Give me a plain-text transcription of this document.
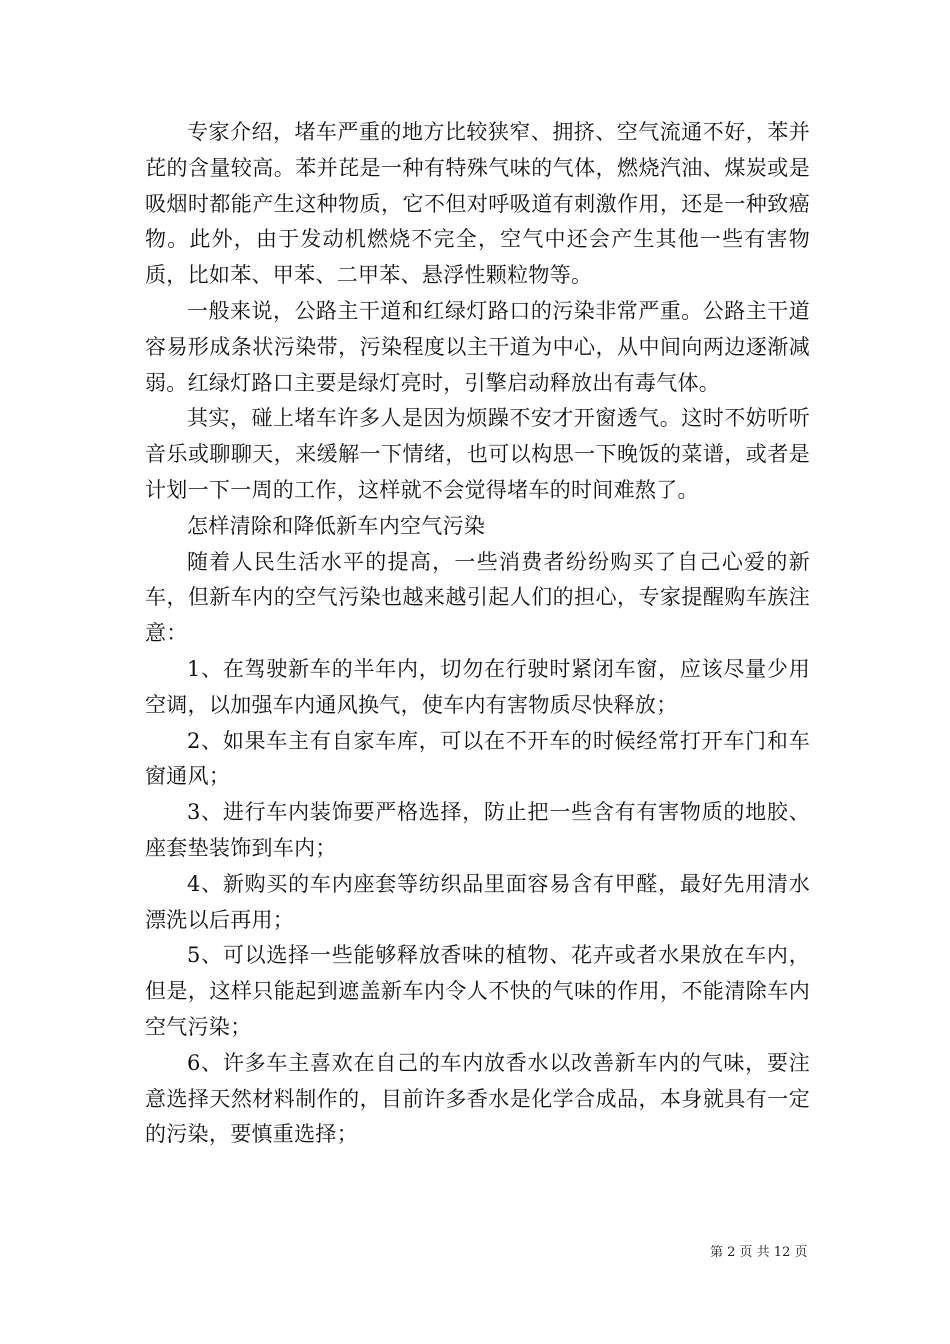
专家介绍，堵车严重的地方比较狭窄、拥挤、空气流通不好，苯并芘的含量较高。苯并芘是一种有特殊气味的气体，燃烧汽油、煤炭或是吸烟时都能产生这种物质，它不但对呼吸道有刺激作用，还是一种致癌物。此外，由于发动机燃烧不完全，空气中还会产生其他一些有害物质，比如苯、甲苯、二甲苯、悬浮性颗粒物等。

一般来说，公路主干道和红绿灯路口的污染非常严重。公路主干道容易形成条状污染带，污染程度以主干道为中心，从中间向两边逐渐减弱。红绿灯路口主要是绿灯亮时，引擎启动释放出有毒气体。

其实，碰上堵车许多人是因为烦躁不安才开窗透气。这时不妨听听音乐或聊聊天，来缓解一下情绪，也可以构思一下晚饭的菜谱，或者是计划一下一周的工作，这样就不会觉得堵车的时间难熬了。

怎样清除和降低新车内空气污染

随着人民生活水平的提高，一些消费者纷纷购买了自己心爱的新车，但新车内的空气污染也越来越引起人们的担心，专家提醒购车族注意：

1、在驾驶新车的半年内，切勿在行驶时紧闭车窗，应该尽量少用空调，以加强车内通风换气，使车内有害物质尽快释放；

2、如果车主有自家车库，可以在不开车的时候经常打开车门和车窗通风；

3、进行车内装饰要严格选择，防止把一些含有有害物质的地胶、座套垫装饰到车内；

4、新购买的车内座套等纺织品里面容易含有甲醛，最好先用清水漂洗以后再用；

5、可以选择一些能够释放香味的植物、花卉或者水果放在车内，但是，这样只能起到遮盖新车内令人不快的气味的作用，不能清除车内空气污染；

6、许多车主喜欢在自己的车内放香水以改善新车内的气味，要注意选择天然材料制作的，目前许多香水是化学合成品，本身就具有一定的污染，要慎重选择；

第 2 页 共 12 页
